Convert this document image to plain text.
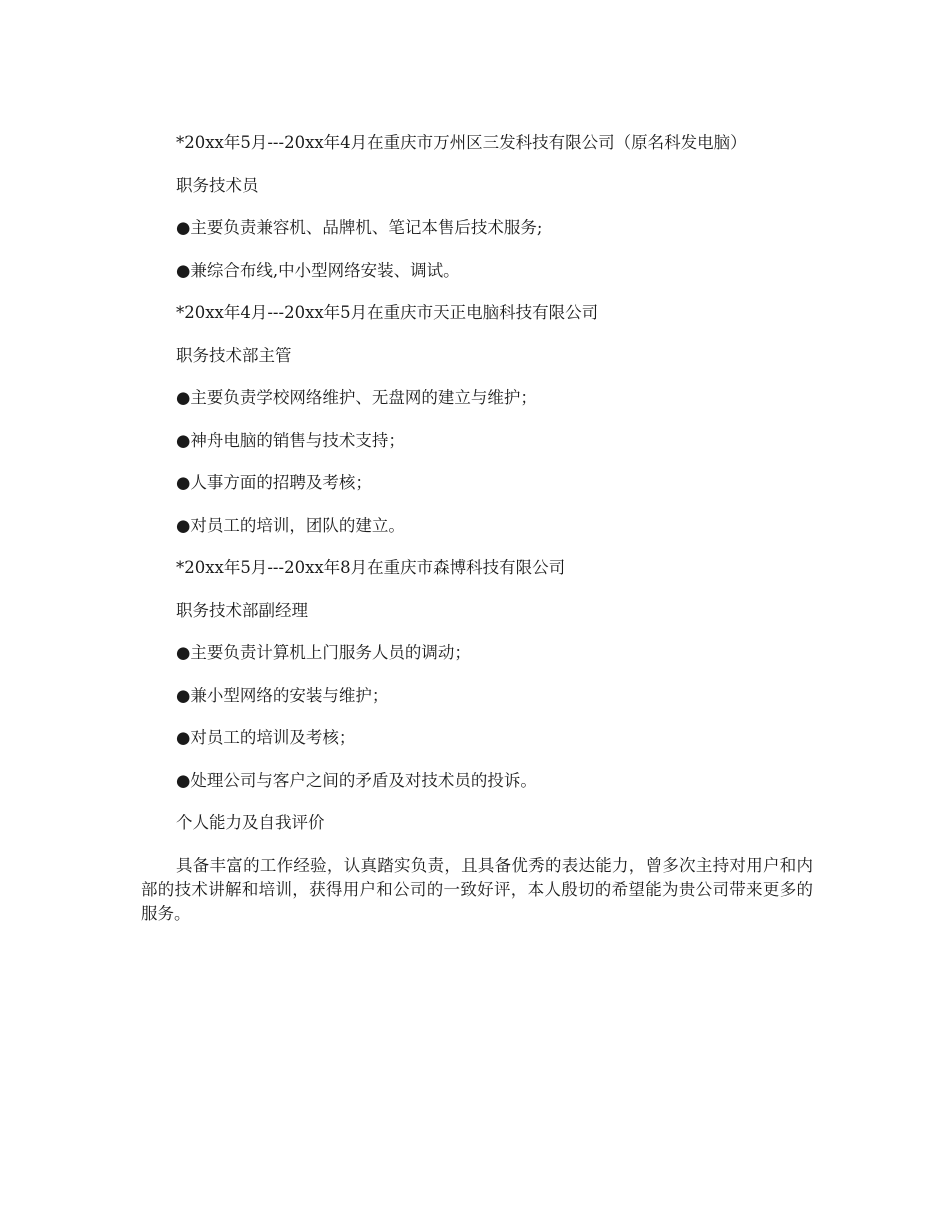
*20xx年5月---20xx年4月在重庆市万州区三发科技有限公司（原名科发电脑）

职务技术员

●主要负责兼容机、品牌机、笔记本售后技术服务;

●兼综合布线,中小型网络安装、调试。

*20xx年4月---20xx年5月在重庆市天正电脑科技有限公司

职务技术部主管

●主要负责学校网络维护、无盘网的建立与维护；

●神舟电脑的销售与技术支持；

●人事方面的招聘及考核；

●对员工的培训，团队的建立。

*20xx年5月---20xx年8月在重庆市森博科技有限公司

职务技术部副经理

●主要负责计算机上门服务人员的调动；

●兼小型网络的安装与维护；

●对员工的培训及考核；

●处理公司与客户之间的矛盾及对技术员的投诉。

个人能力及自我评价

具备丰富的工作经验，认真踏实负责，且具备优秀的表达能力，曾多次主持对用户和内部的技术讲解和培训，获得用户和公司的一致好评，本人殷切的希望能为贵公司带来更多的服务。
